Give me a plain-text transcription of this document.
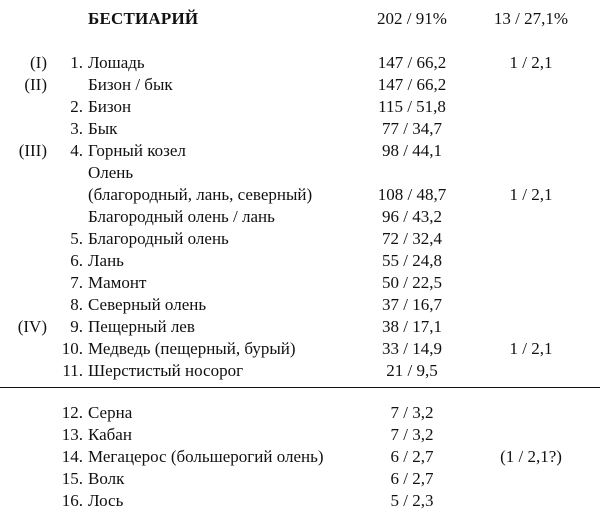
БЕСТИАРИЙ	202 / 91%	13 / 27,1%
(I) 1. Лошадь	147 / 66,2	1 / 2,1
(II) Бизон / бык	147 / 66,2
2. Бизон	115 / 51,8
3. Бык	77 / 34,7
(III) 4. Горный козел	98 / 44,1
Олень
(благородный, лань, северный)	108 / 48,7	1 / 2,1
Благородный олень / лань	96 / 43,2
5. Благородный олень	72 / 32,4
6. Лань	55 / 24,8
7. Мамонт	50 / 22,5
8. Северный олень	37 / 16,7
(IV) 9. Пещерный лев	38 / 17,1
10. Медведь (пещерный, бурый)	33 / 14,9	1 / 2,1
11. Шерстистый носорог	21 / 9,5
12. Серна	7 / 3,2
13. Кабан	7 / 3,2
14. Мегацерос (большерогий олень)	6 / 2,7	(1 / 2,1?)
15. Волк	6 / 2,7
16. Лось	5 / 2,3
